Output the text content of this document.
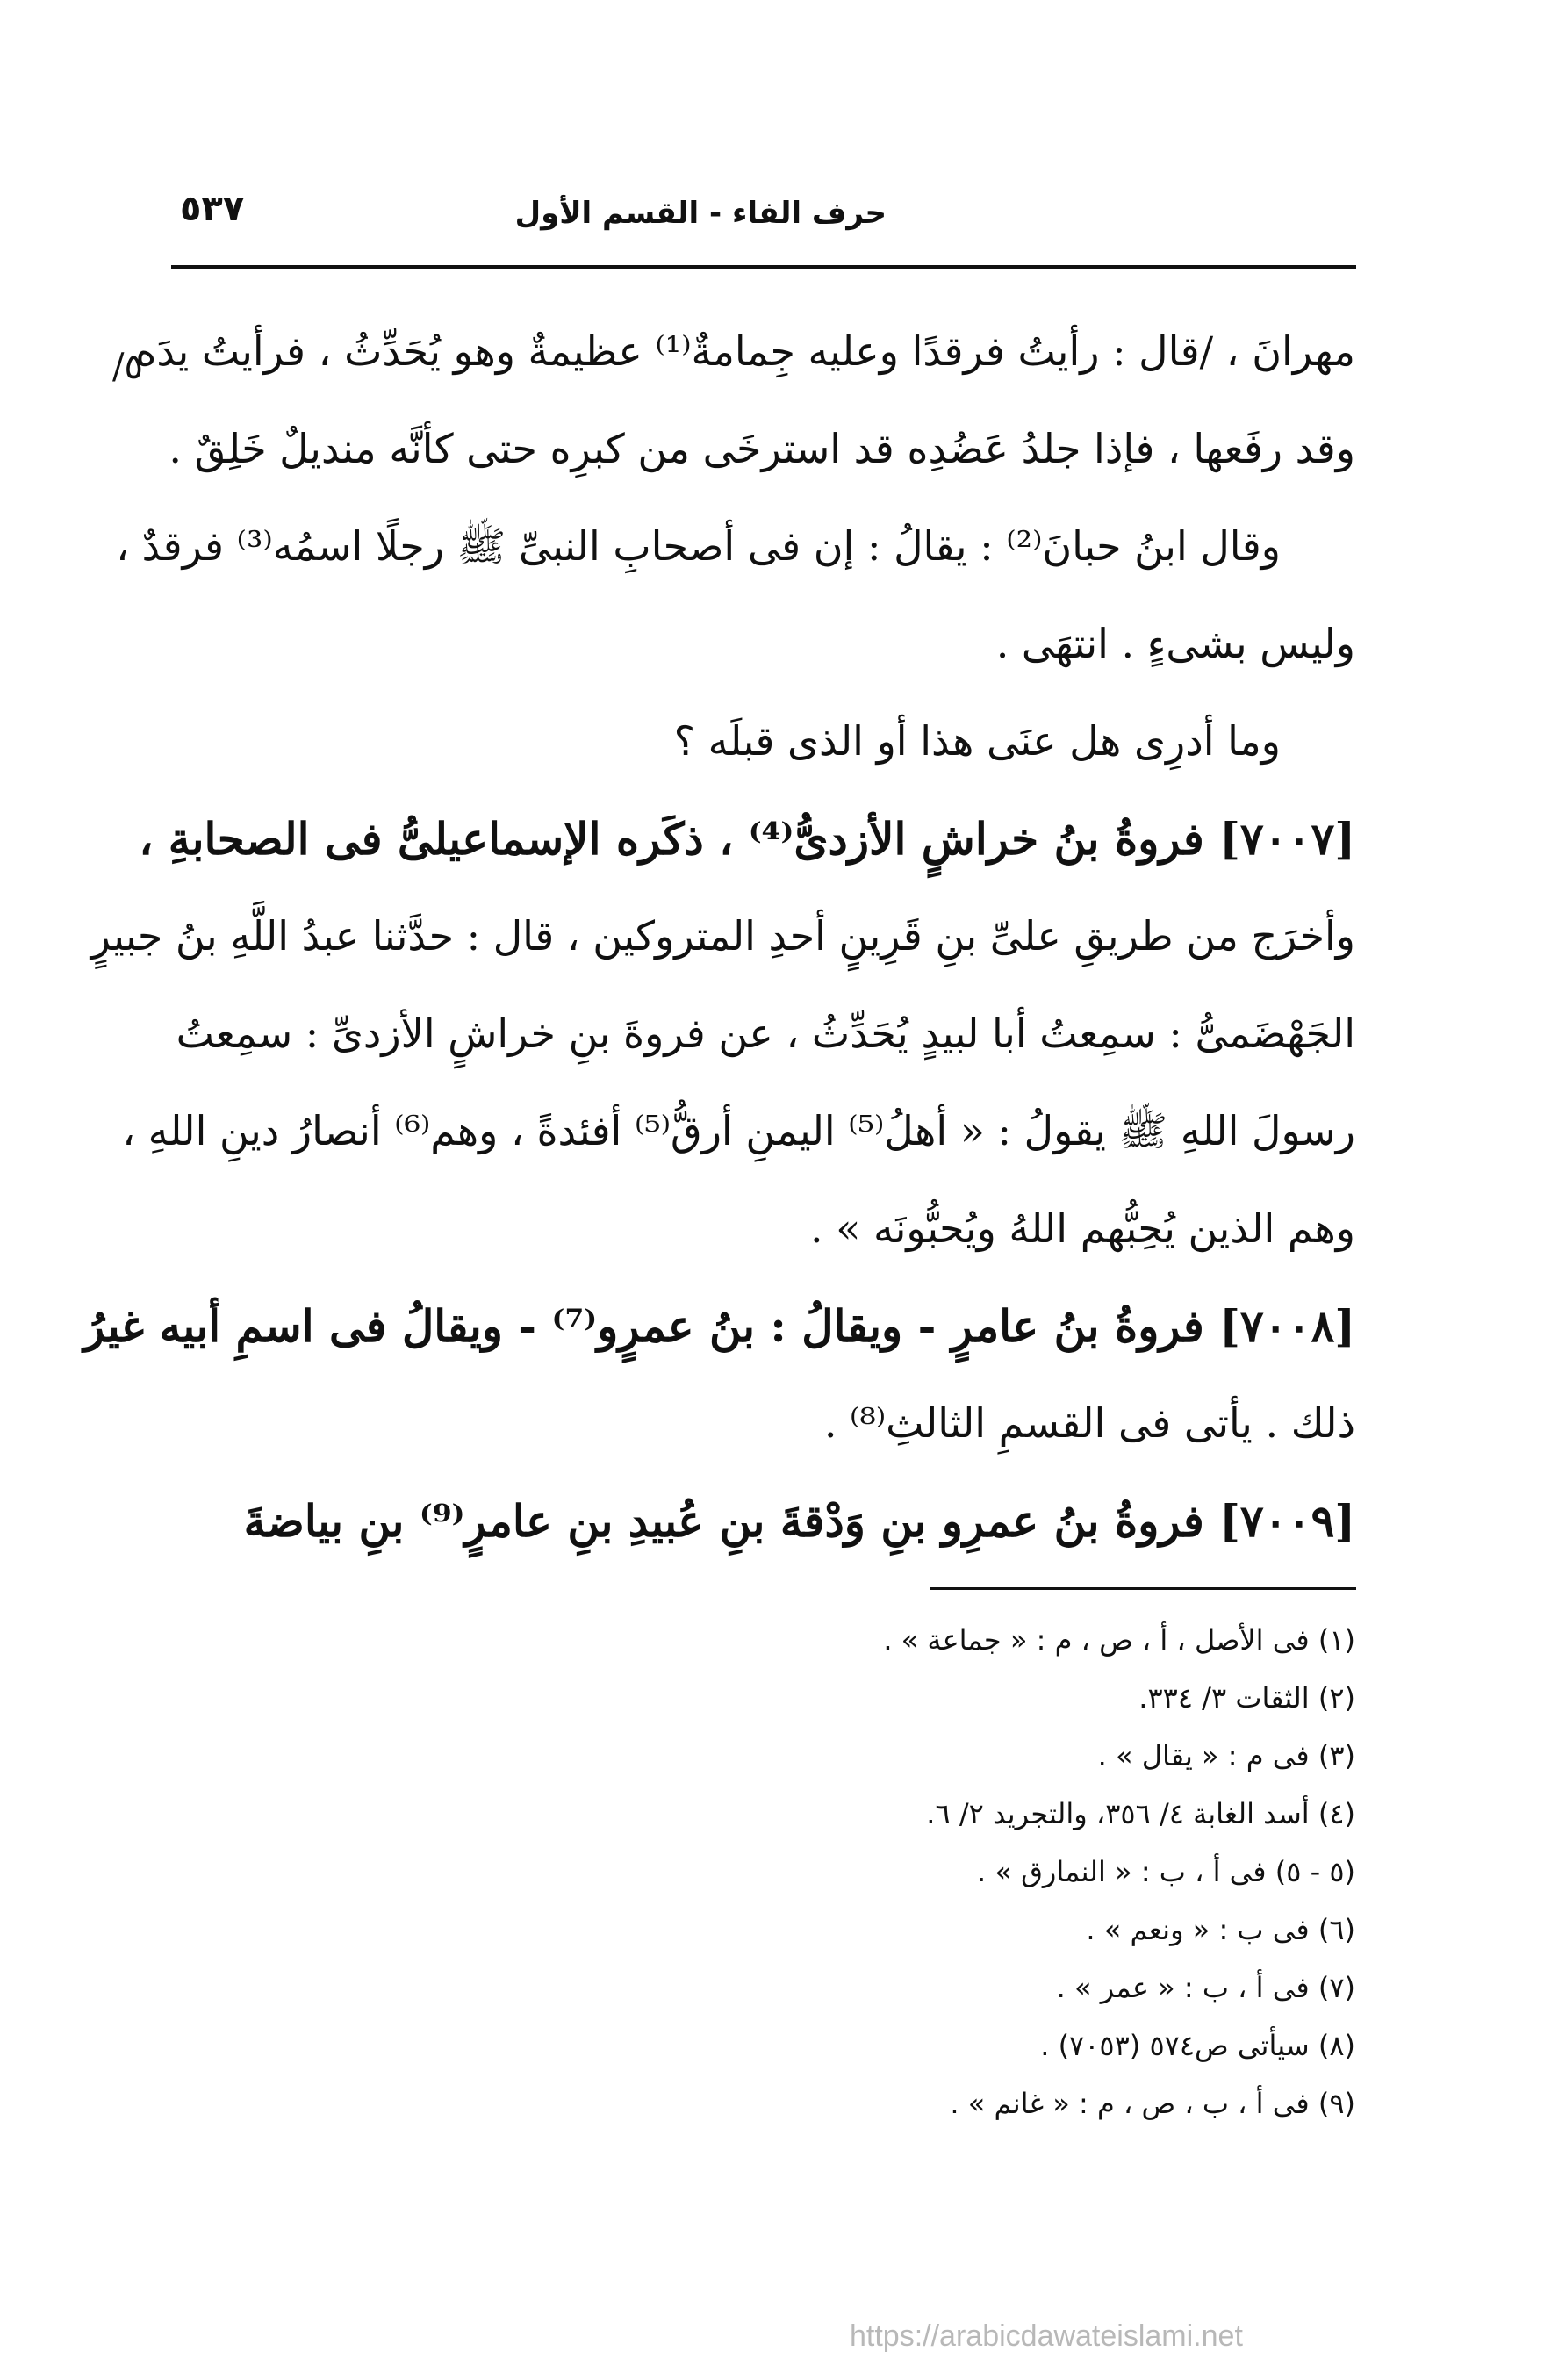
حرف الفاء - القسم الأول
٥٣٧
٥/
مهرانَ ، /قال : رأيتُ فرقدًا وعليه جِمامةٌ⁽¹⁾ عظيمةٌ وهو يُحَدِّثُ ، فرأيتُ يدَه
وقد رفَعها ، فإذا جلدُ عَضُدِه قد استرخَى من كبرِه حتى كأنَّه منديلٌ خَلِقٌ .
وقال ابنُ حبانَ⁽²⁾ : يقالُ : إن فى أصحابِ النبىِّ ﷺ رجلًا اسمُه⁽³⁾ فرقدٌ ،
وليس بشىءٍ . انتهَى .
وما أدرِى هل عنَى هذا أو الذى قبلَه ؟
[٧٠٠٧] فروةُ بنُ خراشٍ الأزدىُّ⁽⁴⁾ ، ذكَره الإسماعيلىُّ فى الصحابةِ ،
وأخرَج من طريقِ علىِّ بنِ قَرِينٍ أحدِ المتروكين ، قال : حدَّثنا عبدُ اللَّهِ بنُ جبيرٍ
الجَهْضَمىُّ : سمِعتُ أبا لبيدٍ يُحَدِّثُ ، عن فروةَ بنِ خراشٍ الأزدىِّ : سمِعتُ
رسولَ اللهِ ﷺ يقولُ : « أهلُ⁽⁵⁾ اليمنِ أرقُّ⁽⁵⁾ أفئدةً ، وهم⁽⁶⁾ أنصارُ دينِ اللهِ ،
وهم الذين يُحِبُّهم اللهُ ويُحبُّونَه » .
[٧٠٠٨] فروةُ بنُ عامرٍ - ويقالُ : بنُ عمرٍو⁽⁷⁾ - ويقالُ فى اسمِ أبيه غيرُ
ذلك . يأتى فى القسمِ الثالثِ⁽⁸⁾ .
[٧٠٠٩] فروةُ بنُ عمرِو بنِ وَدْقةَ بنِ عُبيدِ بنِ عامرٍ⁽⁹⁾ بنِ بياضةَ
(١) فى الأصل ، أ ، ص ، م : « جماعة » .
(٢) الثقات ٣/ ٣٣٤.
(٣) فى م : « يقال » .
(٤) أسد الغابة ٤/ ٣٥٦، والتجريد ٢/ ٦.
(٥ - ٥) فى أ ، ب : « النمارق » .
(٦) فى ب : « ونعم » .
(٧) فى أ ، ب : « عمر » .
(٨) سيأتى ص٥٧٤ (٧٠٥٣) .
(٩) فى أ ، ب ، ص ، م : « غانم » .
https://arabicdawateislami.net
